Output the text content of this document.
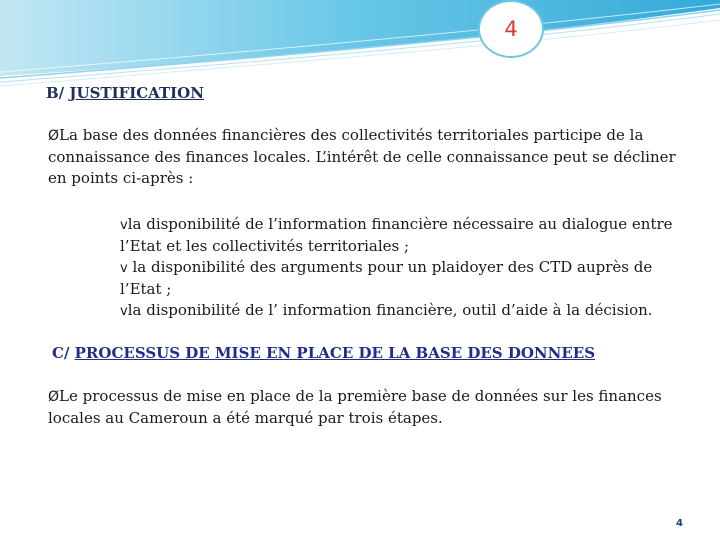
4
B/ JUSTIFICATION
ØLa base des données financières des collectivités territoriales participe de la connaissance des finances locales. L’intérêt de celle connaissance peut se décliner en points ci-après :
vla disponibilité de l’information financière nécessaire au dialogue entre l’Etat et les collectivités territoriales ;
v la disponibilité des arguments pour un plaidoyer des CTD auprès de l’Etat ;
vla disponibilité de l’ information financière, outil d’aide à la décision.
C/ PROCESSUS DE MISE EN PLACE DE LA BASE DES DONNEES
ØLe processus de mise en place de la première base de données sur les finances locales au Cameroun a été marqué par trois étapes.
4
